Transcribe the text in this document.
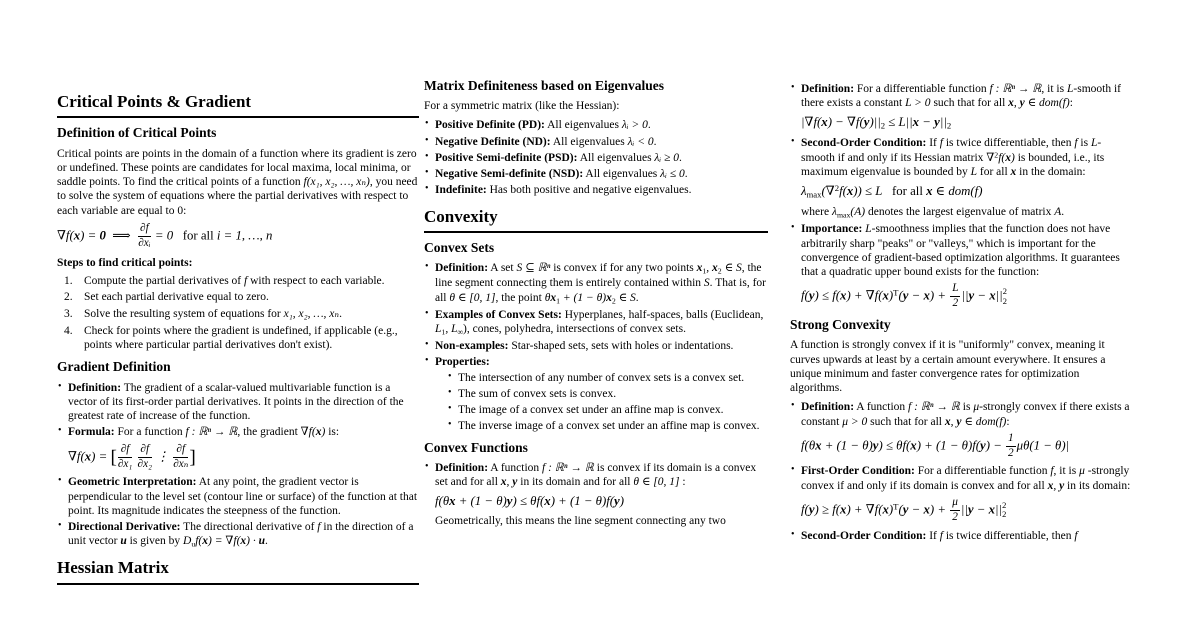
Critical Points & Gradient
Definition of Critical Points
Critical points are points in the domain of a function where its gradient is zero or undefined. These points are candidates for local maxima, local minima, or saddle points. To find the critical points of a function f(x₁, x₂, …, xₙ), you need to solve the system of equations where the partial derivatives with respect to each variable are equal to 0:
∇f(x) = 0  ⟹ $\frac{\partial f}{\text{∂xᵢ}} = 0$   for all i = 1, …, n
Steps to find critical points:
Compute the partial derivatives of f with respect to each variable.
Set each partial derivative equal to zero.
Solve the resulting system of equations for x₁, x₂, …, xₙ.
Check for points where the gradient is undefined, if applicable (e.g., points where particular partial derivatives don't exist).
Gradient Definition
• Definition: The gradient of a scalar-valued multivariable function is a vector of its first-order partial derivatives. It points in the direction of the greatest rate of increase of the function.
• Formula: For a function f : ℝⁿ → ℝ, the gradient ∇f(x) is:
∇f(x) = [ $\frac{\partial f}{\text{∂x₁}}$
$\frac{\partial f}{\text{∂x₂}}$ ⋮ $\frac{\partial f}{\text{∂xₙ}}$ ]
• Geometric Interpretation: At any point, the gradient vector is perpendicular to the level set (contour line or surface) of the function at that point. Its magnitude indicates the steepness of the function.
• Directional Derivative: The directional derivative of f in the direction of a unit vector u is given by $D_uf(x) = \nabla f(x) \cdot u$.
Hessian Matrix
Matrix Definiteness based on Eigenvalues
For a symmetric matrix (like the Hessian):
• Positive Definite (PD): All eigenvalues λᵢ > 0.
• Negative Definite (ND): All eigenvalues λᵢ < 0.
• Positive Semi-definite (PSD): All eigenvalues λᵢ ≥ 0.
• Negative Semi-definite (NSD): All eigenvalues λᵢ ≤ 0.
• Indefinite: Has both positive and negative eigenvalues.
Convexity
Convex Sets
• Definition: A set S ⊆ ℝⁿ is convex if for any two points $x_1$, $x_2$ ∈ S, the line segment connecting them is entirely contained within S. That is, for all θ ∈ [0, 1], the point $\theta x_1 + (1 - \theta)x_2$ ∈ S.
• Examples of Convex Sets: Hyperplanes, half-spaces, balls (Euclidean, $L_1$, $L_\infty$), cones, polyhedra, intersections of convex sets.
• Non-examples: Star-shaped sets, sets with holes or indentations.
• Properties:
• The intersection of any number of convex sets is a convex set.
• The sum of convex sets is convex.
• The image of a convex set under an affine map is convex.
• The inverse image of a convex set under an affine map is convex.
Convex Functions
• Definition: A function f : ℝⁿ → ℝ is convex if its domain is a convex set and for all x, y in its domain and for all θ ∈ [0, 1] :
f(θx + (1 − θ)y) ≤ θf(x) + (1 − θ)f(y)
Geometrically, this means the line segment connecting any two
• Definition: For a differentiable function f : ℝⁿ → ℝ, it is L-smooth if there exists a constant L > 0 such that for all x, y ∈ dom(f):
$|\nabla f(x) - \nabla f(y)||_2 \le L||x - y||_2$
• Second-Order Condition: If f is twice differentiable, then f is L-smooth if and only if its Hessian matrix ∇$^2$f(x) is bounded, i.e., its maximum eigenvalue is bounded by L for all x in the domain:
$\lambda_{max}(\nabla^2f(x)) \le L$   for all x ∈ dom(f)
where $\lambda_{max}(A)$ denotes the largest eigenvalue of matrix A.
• Importance: L-smoothness implies that the function does not have arbitrarily sharp "peaks" or "valleys," which is important for the convergence of gradient-based optimization algorithms. It guarantees that a quadratic upper bound exists for the function:
$f(y) \le f(x) + \nabla f(x)^T(y - x) + \frac{L}{2} ||y - x||$ 2
2
Strong Convexity
A function is strongly convex if it is "uniformly" convex, meaning it curves upwards at least by a certain amount everywhere. It ensures a unique minimum and faster convergence rates for optimization algorithms.
• Definition: A function f : ℝⁿ → ℝ is μ-strongly convex if there exists a constant μ > 0 such that for all x, y ∈ dom(f):
$f(\theta x + (1 - \theta)y) \le \theta f(x) + (1 - \theta)f(y) - \frac{1}{2} \mu\theta(1 - \theta)|$
• First-Order Condition: For a differentiable function f, it is μ -strongly convex if and only if its domain is convex and for all x, y in its domain:
$f(y) \ge f(x) + \nabla f(x)^T(y - x) + \frac{\mu}{2} ||y - x||$ 2
2
• Second-Order Condition: If f is twice differentiable, then f
